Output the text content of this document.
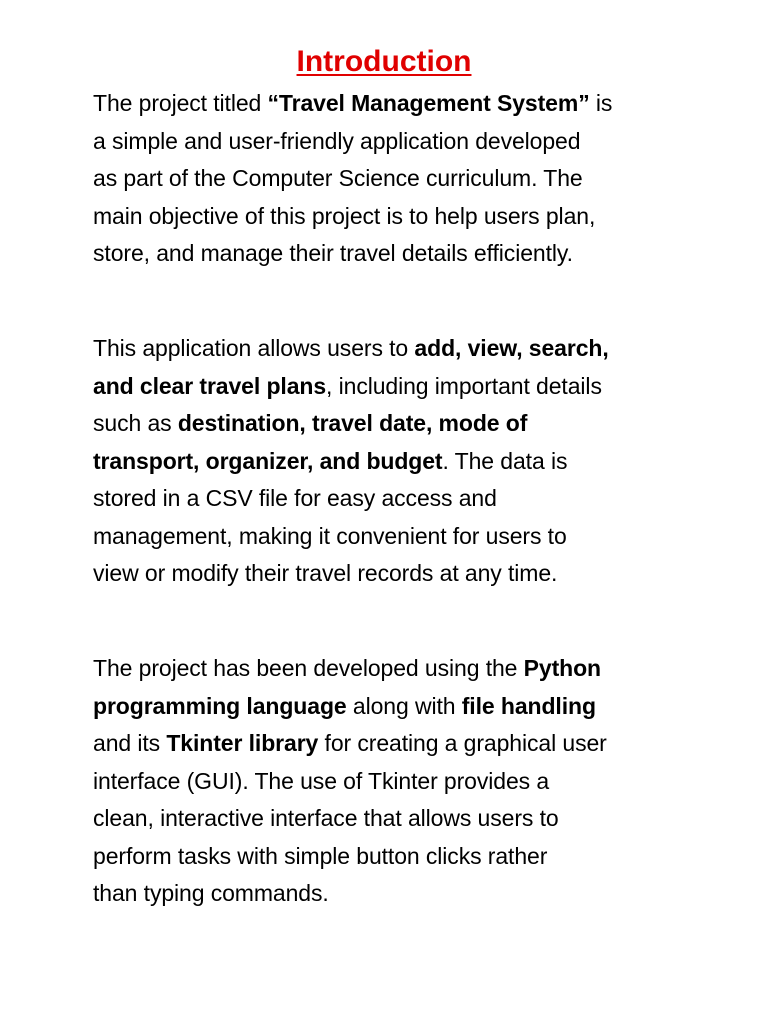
Introduction

The project titled “Travel Management System” is
a simple and user-friendly application developed
as part of the Computer Science curriculum. The
main objective of this project is to help users plan,
store, and manage their travel details efficiently.

This application allows users to add, view, search,
and clear travel plans, including important details
such as destination, travel date, mode of
transport, organizer, and budget. The data is
stored in a CSV file for easy access and
management, making it convenient for users to
view or modify their travel records at any time.

The project has been developed using the Python
programming language along with file handling
and its Tkinter library for creating a graphical user
interface (GUI). The use of Tkinter provides a
clean, interactive interface that allows users to
perform tasks with simple button clicks rather
than typing commands.
